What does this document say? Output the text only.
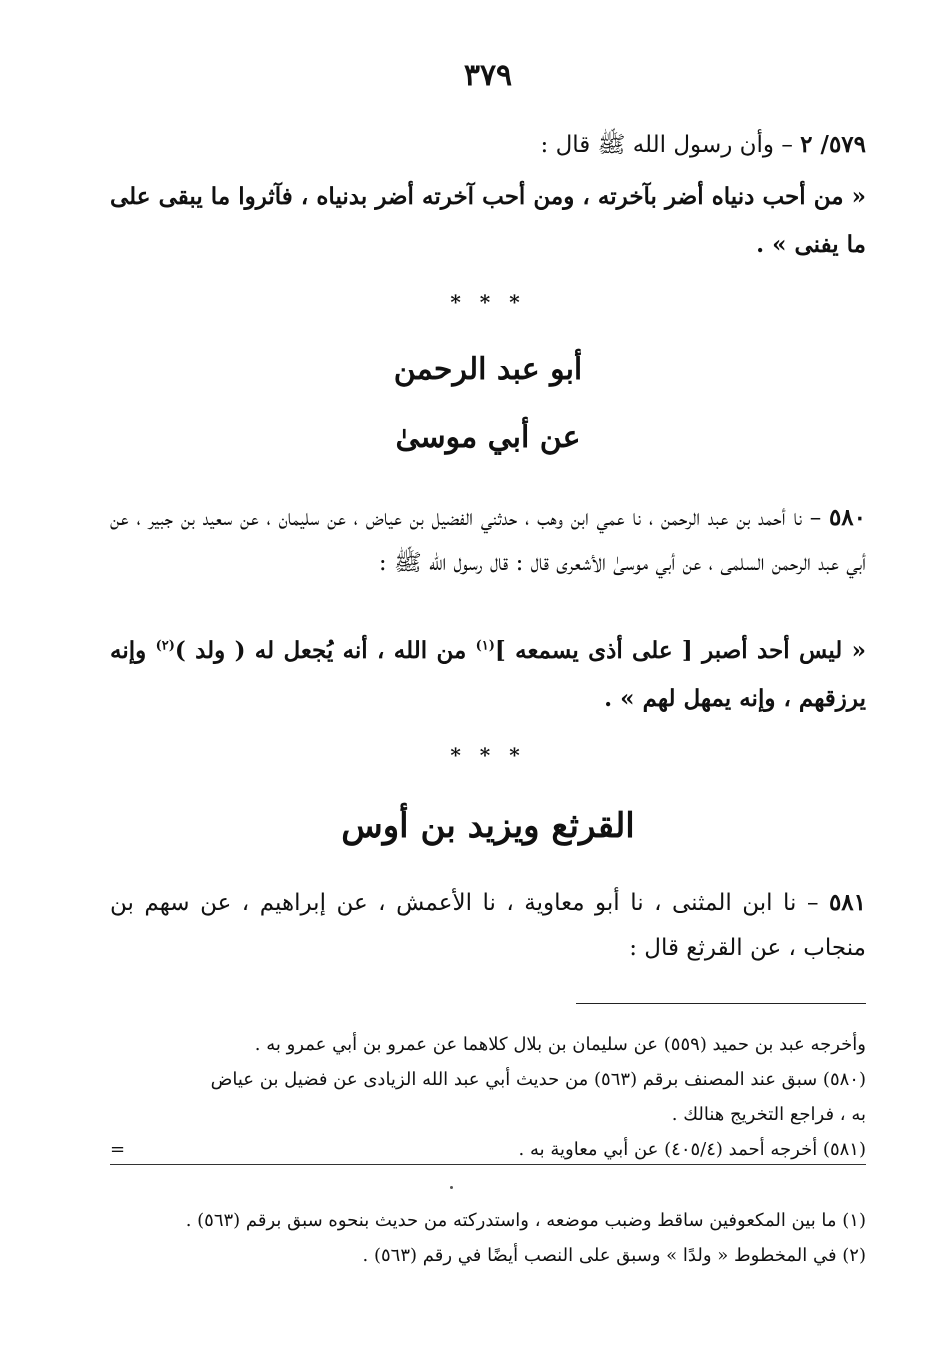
٣٧٩
٥٧٩/ ٢ – وأن رسول الله ﷺ قال :
« من أحب دنياه أضر بآخرته ، ومن أحب آخرته أضر بدنياه ، فآثروا ما يبقى على ما يفنى » .
* * *
أبو عبد الرحمن
عن أبي موسىٰ
٥٨٠ – نا أحمد بن عبد الرحمن ، نا عمي ابن وهب ، حدثني الفضيل بن عياض ، عن سليمان ، عن سعيد بن جبير ، عن أبي عبد الرحمن السلمى ، عن أبي موسىٰ الأشعرى قال : قال رسول الله ﷺ :
« ليس أحد أصبر [ على أذى يسمعه ]$^{(١)}$ من الله ، أنه يُجعل له ( ولد )$^{(٢)}$ وإنه يرزقهم ، وإنه يمهل لهم » .
* * *
القرثع ويزيد بن أوس
٥٨١ – نا ابن المثنى ، نا أبو معاوية ، نا الأعمش ، عن إبراهيم ، عن سهم بن منجاب ، عن القرثع قال :
وأخرجه عبد بن حميد (٥٥٩) عن سليمان بن بلال كلاهما عن عمرو بن أبي عمرو به .
(٥٨٠) سبق عند المصنف برقم (٥٦٣) من حديث أبي عبد الله الزيادى عن فضيل بن عياض
به ، فراجع التخريج هنالك .
(٥٨١) أخرجه أحمد (٤٠٥/٤) عن أبي معاوية به .
=
(١) ما بين المكعوفين ساقط وضبب موضعه ، واستدركته من حديث بنحوه سبق برقم (٥٦٣) .
(٢) في المخطوط « ولدًا » وسبق على النصب أيضًا في رقم (٥٦٣) .
